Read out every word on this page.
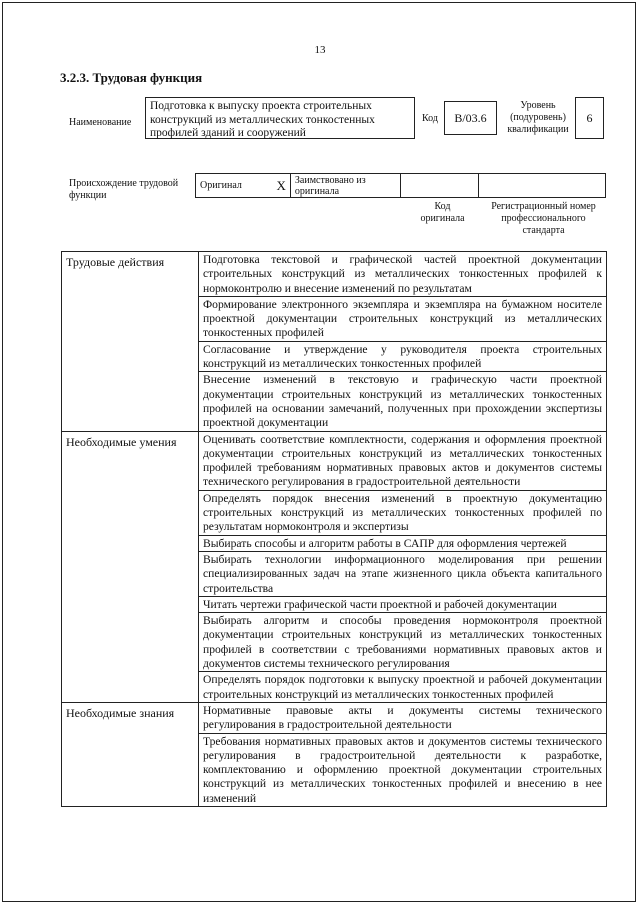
13
3.2.3. Трудовая функция
Наименование
Подготовка к выпуску проекта строительных конструкций из металлических тонкостенных профилей зданий и сооружений
Код	В/03.6
Уровень
(подуровень)
квалификации
6
Происхождение трудовой функции
Оригинал	Х	Заимствовано из оригинала		
Код
оригинала
Регистрационный номер
профессионального
стандарта
Трудовые действия	Подготовка текстовой и графической частей проектной документации строительных конструкций из металлических тонкостенных профилей к нормоконтролю и внесение изменений по результатам
	Формирование электронного экземпляра и экземпляра на бумажном носителе проектной документации строительных конструкций из металлических тонкостенных профилей
	Согласование и утверждение у руководителя проекта строительных конструкций из металлических тонкостенных профилей
	Внесение изменений в текстовую и графическую части проектной документации строительных конструкций из металлических тонкостенных профилей на основании замечаний, полученных при прохождении экспертизы проектной документации
Необходимые умения	Оценивать соответствие комплектности, содержания и оформления проектной документации строительных конструкций из металлических тонкостенных профилей требованиям нормативных правовых актов и документов системы технического регулирования в градостроительной деятельности
	Определять порядок внесения изменений в проектную документацию строительных конструкций из металлических тонкостенных профилей по результатам нормоконтроля и экспертизы
	Выбирать способы и алгоритм работы в САПР для оформления чертежей
	Выбирать технологии информационного моделирования при решении специализированных задач на этапе жизненного цикла объекта капитального строительства
	Читать чертежи графической части проектной и рабочей документации
	Выбирать алгоритм и способы проведения нормоконтроля проектной документации строительных конструкций из металлических тонкостенных профилей в соответствии с требованиями нормативных правовых актов и документов системы технического регулирования
	Определять порядок подготовки к выпуску проектной и рабочей документации строительных конструкций из металлических тонкостенных профилей
Необходимые знания	Нормативные правовые акты и документы системы технического регулирования в градостроительной деятельности
	Требования нормативных правовых актов и документов системы технического регулирования в градостроительной деятельности к разработке, комплектованию и оформлению проектной документации строительных конструкций из металлических тонкостенных профилей и внесению в нее изменений
